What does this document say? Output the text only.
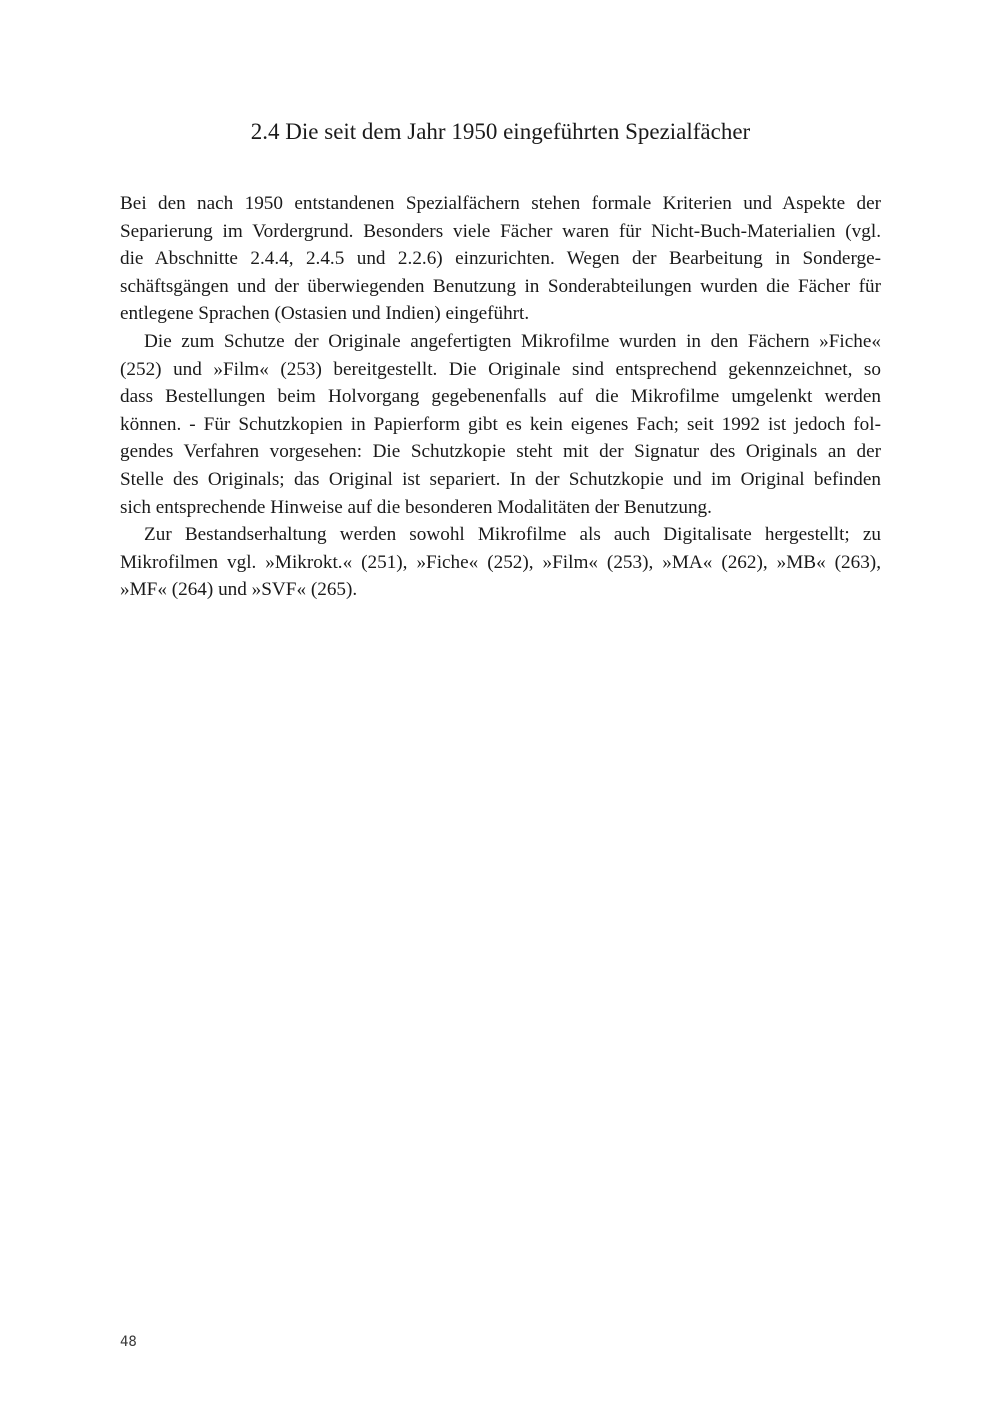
2.4 Die seit dem Jahr 1950 eingeführten Spezialfächer
Bei den nach 1950 entstandenen Spezialfächern stehen formale Kriterien und Aspekte der
Separierung im Vordergrund. Besonders viele Fächer waren für Nicht-Buch-Materialien (vgl.
die Abschnitte 2.4.4, 2.4.5 und 2.2.6) einzurichten. Wegen der Bearbeitung in Sonderge-
schäftsgängen und der überwiegenden Benutzung in Sonderabteilungen wurden die Fächer für
entlegene Sprachen (Ostasien und Indien) eingeführt.
Die zum Schutze der Originale angefertigten Mikrofilme wurden in den Fächern »Fiche«
(252) und »Film« (253) bereitgestellt. Die Originale sind entsprechend gekennzeichnet, so
dass Bestellungen beim Holvorgang gegebenenfalls auf die Mikrofilme umgelenkt werden
können. - Für Schutzkopien in Papierform gibt es kein eigenes Fach; seit 1992 ist jedoch fol-
gendes Verfahren vorgesehen: Die Schutzkopie steht mit der Signatur des Originals an der
Stelle des Originals; das Original ist separiert. In der Schutzkopie und im Original befinden
sich entsprechende Hinweise auf die besonderen Modalitäten der Benutzung.
Zur Bestandserhaltung werden sowohl Mikrofilme als auch Digitalisate hergestellt; zu
Mikrofilmen vgl. »Mikrokt.« (251), »Fiche« (252), »Film« (253), »MA« (262), »MB« (263),
»MF« (264) und »SVF« (265).
48
